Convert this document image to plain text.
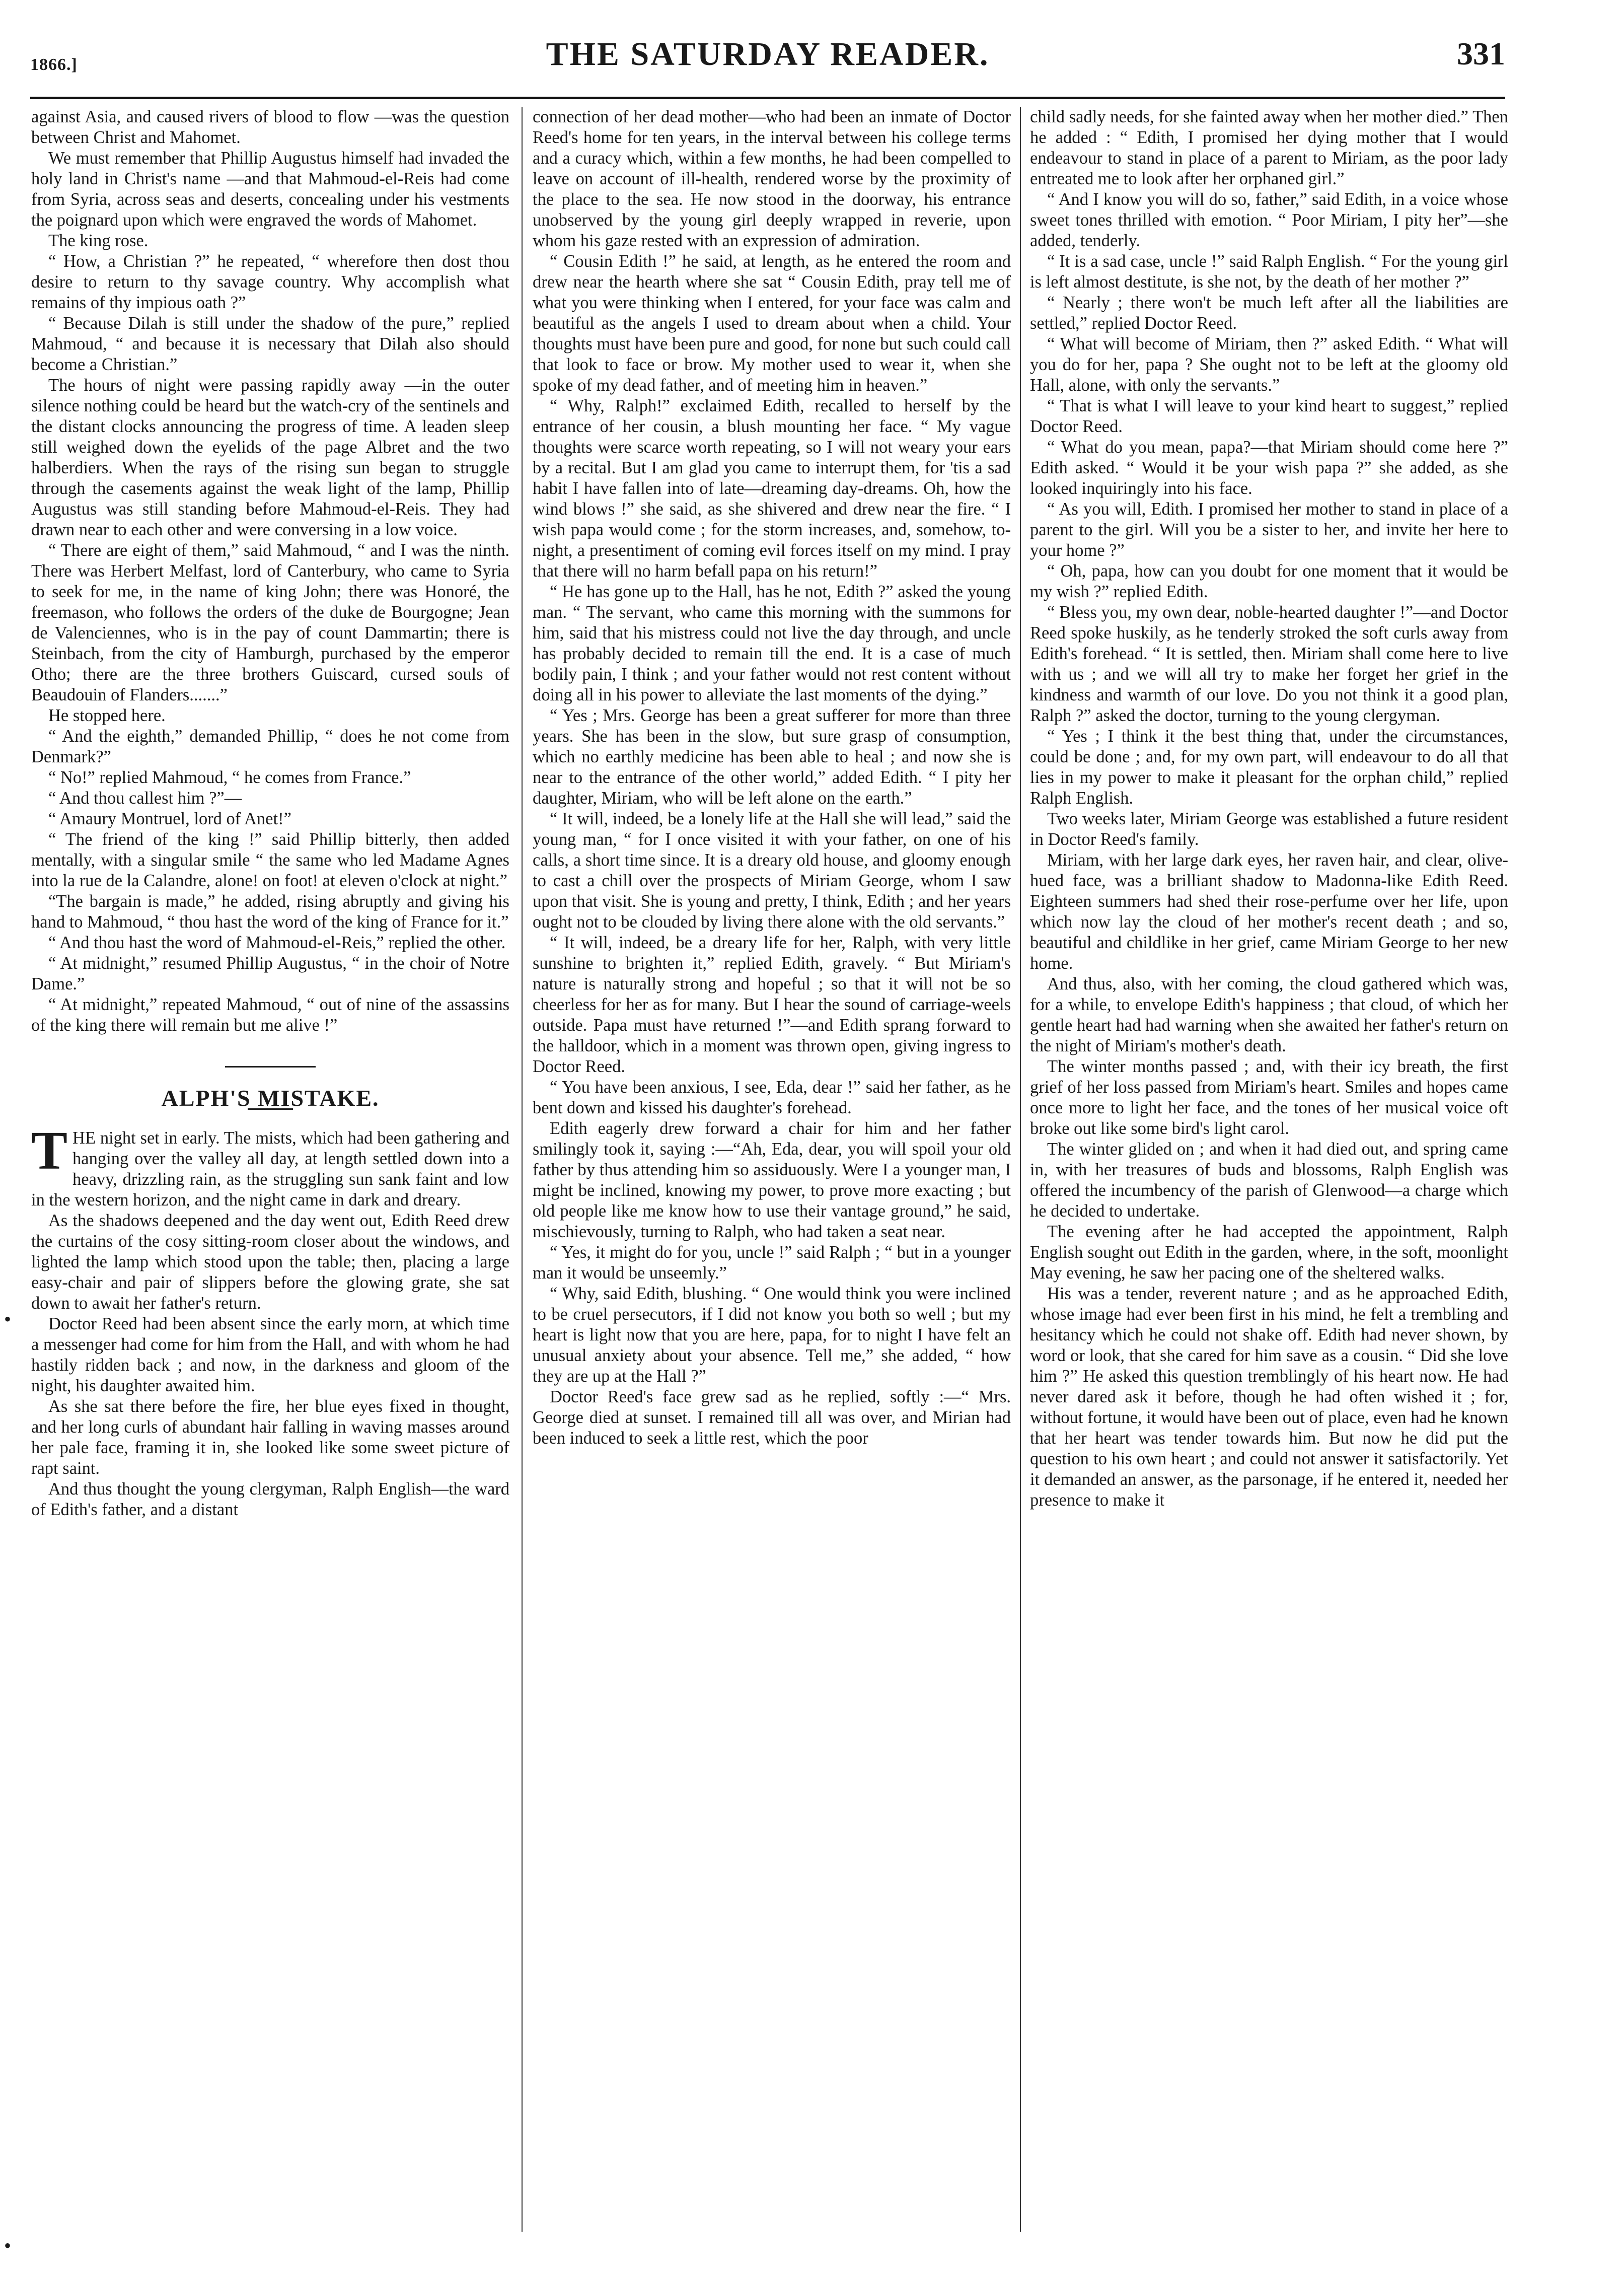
1866.]	THE SATURDAY READER.	331

against Asia, and caused rivers of blood to flow —was the question between Christ and Mahomet.

We must remember that Phillip Augustus himself had invaded the holy land in Christ's name —and that Mahmoud-el-Reis had come from Syria, across seas and deserts, concealing under his vestments the poignard upon which were engraved the words of Mahomet.

The king rose.

“ How, a Christian ?” he repeated, “ wherefore then dost thou desire to return to thy savage country. Why accomplish what remains of thy impious oath ?”

“ Because Dilah is still under the shadow of the pure,” replied Mahmoud, “ and because it is necessary that Dilah also should become a Christian.”

The hours of night were passing rapidly away —in the outer silence nothing could be heard but the watch-cry of the sentinels and the distant clocks announcing the progress of time. A leaden sleep still weighed down the eyelids of the page Albret and the two halberdiers. When the rays of the rising sun began to struggle through the casements against the weak light of the lamp, Phillip Augustus was still standing before Mahmoud-el-Reis. They had drawn near to each other and were conversing in a low voice.

“ There are eight of them,” said Mahmoud, “ and I was the ninth. There was Herbert Melfast, lord of Canterbury, who came to Syria to seek for me, in the name of king John; there was Honoré, the freemason, who follows the orders of the duke de Bourgogne; Jean de Valenciennes, who is in the pay of count Dammartin; there is Steinbach, from the city of Hamburgh, purchased by the emperor Otho; there are the three brothers Guiscard, cursed souls of Beaudouin of Flanders.......”

He stopped here.

“ And the eighth,” demanded Phillip, “ does he not come from Denmark?”

“ No!” replied Mahmoud, “ he comes from France.”

“ And thou callest him ?”—

“ Amaury Montruel, lord of Anet!”

“ The friend of the king !” said Phillip bitterly, then added mentally, with a singular smile “ the same who led Madame Agnes into la rue de la Calandre, alone! on foot! at eleven o'clock at night.”

“The bargain is made,” he added, rising abruptly and giving his hand to Mahmoud, “ thou hast the word of the king of France for it.”

“ And thou hast the word of Mahmoud-el-Reis,” replied the other.

“ At midnight,” resumed Phillip Augustus, “ in the choir of Notre Dame.”

“ At midnight,” repeated Mahmoud, “ out of nine of the assassins of the king there will remain but me alive !”

ALPH'S MISTAKE.

THE night set in early. The mists, which had been gathering and hanging over the valley all day, at length settled down into a heavy, drizzling rain, as the struggling sun sank faint and low in the western horizon, and the night came in dark and dreary.

As the shadows deepened and the day went out, Edith Reed drew the curtains of the cosy sitting-room closer about the windows, and lighted the lamp which stood upon the table; then, placing a large easy-chair and pair of slippers before the glowing grate, she sat down to await her father's return.

Doctor Reed had been absent since the early morn, at which time a messenger had come for him from the Hall, and with whom he had hastily ridden back ; and now, in the darkness and gloom of the night, his daughter awaited him.

As she sat there before the fire, her blue eyes fixed in thought, and her long curls of abundant hair falling in waving masses around her pale face, framing it in, she looked like some sweet picture of rapt saint.

And thus thought the young clergyman, Ralph English—the ward of Edith's father, and a distant

connection of her dead mother—who had been an inmate of Doctor Reed's home for ten years, in the interval between his college terms and a curacy which, within a few months, he had been compelled to leave on account of ill-health, rendered worse by the proximity of the place to the sea. He now stood in the doorway, his entrance unobserved by the young girl deeply wrapped in reverie, upon whom his gaze rested with an expression of admiration.

“ Cousin Edith !” he said, at length, as he entered the room and drew near the hearth where she sat “ Cousin Edith, pray tell me of what you were thinking when I entered, for your face was calm and beautiful as the angels I used to dream about when a child. Your thoughts must have been pure and good, for none but such could call that look to face or brow. My mother used to wear it, when she spoke of my dead father, and of meeting him in heaven.”

“ Why, Ralph!” exclaimed Edith, recalled to herself by the entrance of her cousin, a blush mounting her face. “ My vague thoughts were scarce worth repeating, so I will not weary your ears by a recital. But I am glad you came to interrupt them, for 'tis a sad habit I have fallen into of late—dreaming day-dreams. Oh, how the wind blows !” she said, as she shivered and drew near the fire. “ I wish papa would come ; for the storm increases, and, somehow, to-night, a presentiment of coming evil forces itself on my mind. I pray that there will no harm befall papa on his return!”

“ He has gone up to the Hall, has he not, Edith ?” asked the young man. “ The servant, who came this morning with the summons for him, said that his mistress could not live the day through, and uncle has probably decided to remain till the end. It is a case of much bodily pain, I think ; and your father would not rest content without doing all in his power to alleviate the last moments of the dying.”

“ Yes ; Mrs. George has been a great sufferer for more than three years. She has been in the slow, but sure grasp of consumption, which no earthly medicine has been able to heal ; and now she is near to the entrance of the other world,” added Edith. “ I pity her daughter, Miriam, who will be left alone on the earth.”

“ It will, indeed, be a lonely life at the Hall she will lead,” said the young man, “ for I once visited it with your father, on one of his calls, a short time since. It is a dreary old house, and gloomy enough to cast a chill over the prospects of Miriam George, whom I saw upon that visit. She is young and pretty, I think, Edith ; and her years ought not to be clouded by living there alone with the old servants.”

“ It will, indeed, be a dreary life for her, Ralph, with very little sunshine to brighten it,” replied Edith, gravely. “ But Miriam's nature is naturally strong and hopeful ; so that it will not be so cheerless for her as for many. But I hear the sound of carriage-weels outside. Papa must have returned !”—and Edith sprang forward to the halldoor, which in a moment was thrown open, giving ingress to Doctor Reed.

“ You have been anxious, I see, Eda, dear !” said her father, as he bent down and kissed his daughter's forehead.

Edith eagerly drew forward a chair for him and her father smilingly took it, saying :—“Ah, Eda, dear, you will spoil your old father by thus attending him so assiduously. Were I a younger man, I might be inclined, knowing my power, to prove more exacting ; but old people like me know how to use their vantage ground,” he said, mischievously, turning to Ralph, who had taken a seat near.

“ Yes, it might do for you, uncle !” said Ralph ; “ but in a younger man it would be unseemly.”

“ Why, said Edith, blushing. “ One would think you were inclined to be cruel persecutors, if I did not know you both so well ; but my heart is light now that you are here, papa, for to night I have felt an unusual anxiety about your absence. Tell me,” she added, “ how they are up at the Hall ?”

Doctor Reed's face grew sad as he replied, softly :—“ Mrs. George died at sunset. I remained till all was over, and Mirian had been induced to seek a little rest, which the poor

child sadly needs, for she fainted away when her mother died.” Then he added : “ Edith, I promised her dying mother that I would endeavour to stand in place of a parent to Miriam, as the poor lady entreated me to look after her orphaned girl.”

“ And I know you will do so, father,” said Edith, in a voice whose sweet tones thrilled with emotion. “ Poor Miriam, I pity her”—she added, tenderly.

“ It is a sad case, uncle !” said Ralph English. “ For the young girl is left almost destitute, is she not, by the death of her mother ?”

“ Nearly ; there won't be much left after all the liabilities are settled,” replied Doctor Reed.

“ What will become of Miriam, then ?” asked Edith. “ What will you do for her, papa ? She ought not to be left at the gloomy old Hall, alone, with only the servants.”

“ That is what I will leave to your kind heart to suggest,” replied Doctor Reed.

“ What do you mean, papa?—that Miriam should come here ?” Edith asked. “ Would it be your wish papa ?” she added, as she looked inquiringly into his face.

“ As you will, Edith. I promised her mother to stand in place of a parent to the girl. Will you be a sister to her, and invite her here to your home ?”

“ Oh, papa, how can you doubt for one moment that it would be my wish ?” replied Edith.

“ Bless you, my own dear, noble-hearted daughter !”—and Doctor Reed spoke huskily, as he tenderly stroked the soft curls away from Edith's forehead. “ It is settled, then. Miriam shall come here to live with us ; and we will all try to make her forget her grief in the kindness and warmth of our love. Do you not think it a good plan, Ralph ?” asked the doctor, turning to the young clergyman.

“ Yes ; I think it the best thing that, under the circumstances, could be done ; and, for my own part, will endeavour to do all that lies in my power to make it pleasant for the orphan child,” replied Ralph English.

Two weeks later, Miriam George was established a future resident in Doctor Reed's family.

Miriam, with her large dark eyes, her raven hair, and clear, olive-hued face, was a brilliant shadow to Madonna-like Edith Reed. Eighteen summers had shed their rose-perfume over her life, upon which now lay the cloud of her mother's recent death ; and so, beautiful and childlike in her grief, came Miriam George to her new home.

And thus, also, with her coming, the cloud gathered which was, for a while, to envelope Edith's happiness ; that cloud, of which her gentle heart had had warning when she awaited her father's return on the night of Miriam's mother's death.

The winter months passed ; and, with their icy breath, the first grief of her loss passed from Miriam's heart. Smiles and hopes came once more to light her face, and the tones of her musical voice oft broke out like some bird's light carol.

The winter glided on ; and when it had died out, and spring came in, with her treasures of buds and blossoms, Ralph English was offered the incumbency of the parish of Glenwood—a charge which he decided to undertake.

The evening after he had accepted the appointment, Ralph English sought out Edith in the garden, where, in the soft, moonlight May evening, he saw her pacing one of the sheltered walks.

His was a tender, reverent nature ; and as he approached Edith, whose image had ever been first in his mind, he felt a trembling and hesitancy which he could not shake off. Edith had never shown, by word or look, that she cared for him save as a cousin. “ Did she love him ?” He asked this question tremblingly of his heart now. He had never dared ask it before, though he had often wished it ; for, without fortune, it would have been out of place, even had he known that her heart was tender towards him. But now he did put the question to his own heart ; and could not answer it satisfactorily. Yet it demanded an answer, as the parsonage, if he entered it, needed her presence to make it

•
•
